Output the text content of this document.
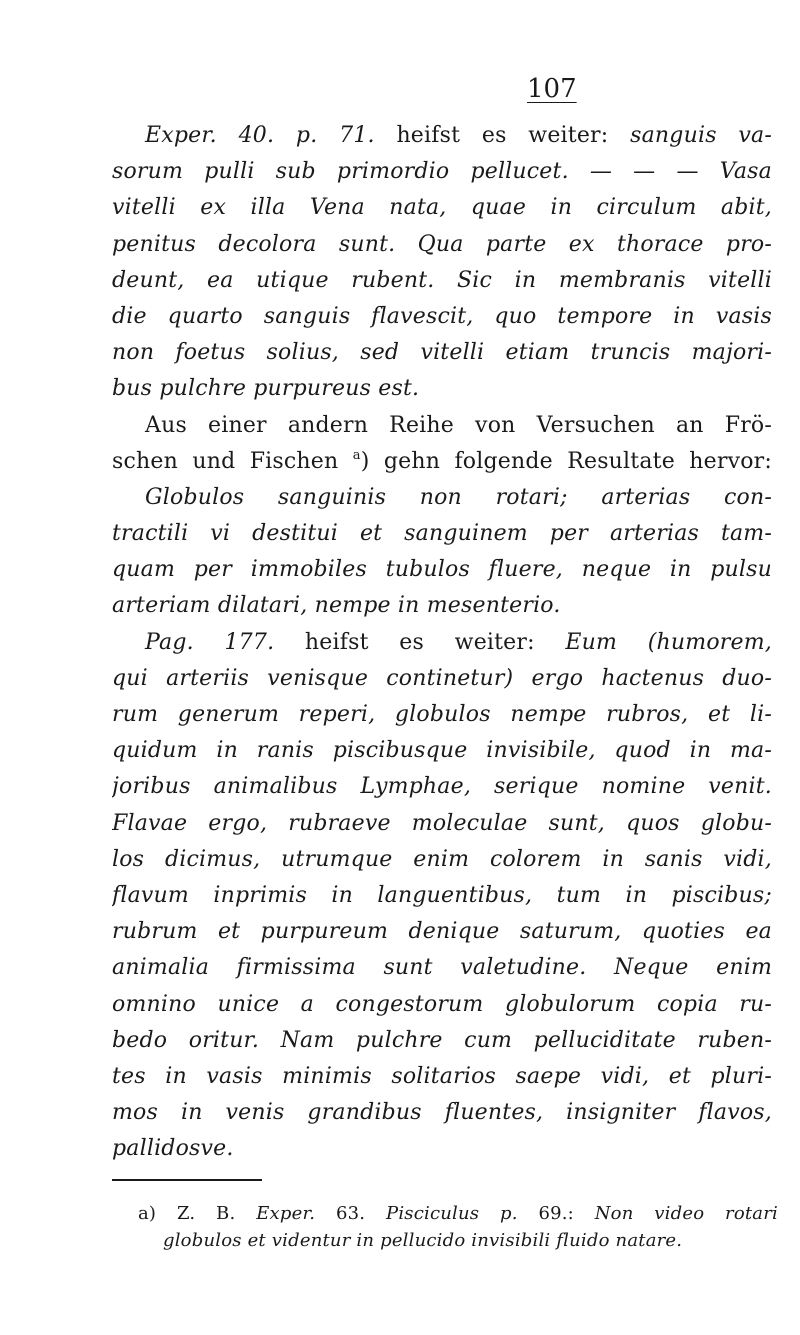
107
Exper. 40. p. 71. heifst es weiter: sanguis va-
sorum pulli sub primordio pellucet. — — — Vasa
vitelli ex illa Vena nata, quae in circulum abit,
penitus decolora sunt. Qua parte ex thorace pro-
deunt, ea utique rubent. Sic in membranis vitelli
die quarto sanguis flavescit, quo tempore in vasis
non foetus solius, sed vitelli etiam truncis majori-
bus pulchre purpureus est.
Aus einer andern Reihe von Versuchen an Frö-
schen und Fischen $^a$) gehn folgende Resultate hervor:
Globulos sanguinis non rotari; arterias con-
tractili vi destitui et sanguinem per arterias tam-
quam per immobiles tubulos fluere, neque in pulsu
arteriam dilatari, nempe in mesenterio.
Pag. 177. heifst es weiter: Eum (humorem,
qui arteriis venisque continetur) ergo hactenus duo-
rum generum reperi, globulos nempe rubros, et li-
quidum in ranis piscibusque invisibile, quod in ma-
joribus animalibus Lymphae, serique nomine venit.
Flavae ergo, rubraeve moleculae sunt, quos globu-
los dicimus, utrumque enim colorem in sanis vidi,
flavum inprimis in languentibus, tum in piscibus;
rubrum et purpureum denique saturum, quoties ea
animalia firmissima sunt valetudine. Neque enim
omnino unice a congestorum globulorum copia ru-
bedo oritur. Nam pulchre cum pelluciditate ruben-
tes in vasis minimis solitarios saepe vidi, et pluri-
mos in venis grandibus fluentes, insigniter flavos,
pallidosve.
a) Z. B. Exper. 63. Pisciculus p. 69.: Non video rotari
globulos et videntur in pellucido invisibili fluido natare.
